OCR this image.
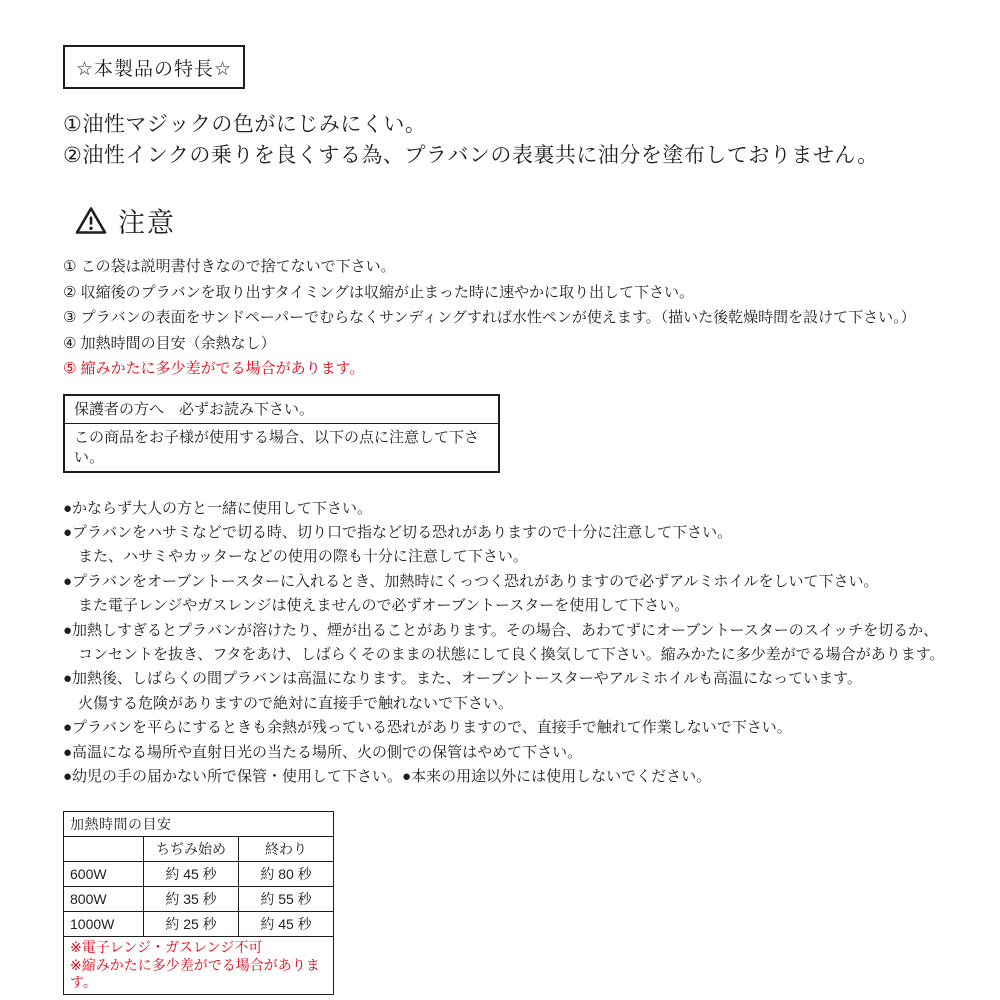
☆本製品の特長☆

①油性マジックの色がにじみにくい。

②油性インクの乗りを良くする為、プラバンの表裏共に油分を塗布しておりません。

注意

① この袋は説明書付きなので捨てないで下さい。

② 収縮後のプラバンを取り出すタイミングは収縮が止まった時に速やかに取り出して下さい。

③ プラバンの表面をサンドペーパーでむらなくサンディングすれば水性ペンが使えます。（描いた後乾燥時間を設けて下さい。）

④ 加熱時間の目安（余熱なし）

⑤ 縮みかたに多少差がでる場合があります。

保護者の方へ　必ずお読み下さい。
この商品をお子様が使用する場合、以下の点に注意して下さい。

●かならず大人の方と一緒に使用して下さい。

●プラバンをハサミなどで切る時、切り口で指など切る恐れがありますので十分に注意して下さい。

　また、ハサミやカッターなどの使用の際も十分に注意して下さい。

●プラバンをオーブントースターに入れるとき、加熱時にくっつく恐れがありますので必ずアルミホイルをしいて下さい。

　また電子レンジやガスレンジは使えませんので必ずオーブントースターを使用して下さい。

●加熱しすぎるとプラバンが溶けたり、煙が出ることがあります。その場合、あわてずにオーブントースターのスイッチを切るか、

　コンセントを抜き、フタをあけ、しばらくそのままの状態にして良く換気して下さい。縮みかたに多少差がでる場合があります。

●加熱後、しばらくの間プラバンは高温になります。また、オーブントースターやアルミホイルも高温になっています。

　火傷する危険がありますので絶対に直接手で触れないで下さい。

●プラバンを平らにするときも余熱が残っている恐れがありますので、直接手で触れて作業しないで下さい。

●高温になる場所や直射日光の当たる場所、火の側での保管はやめて下さい。

●幼児の手の届かない所で保管・使用して下さい。●本来の用途以外には使用しないでください。

加熱時間の目安		
	ちぢみ始め	終わり
600W	約 45 秒	約 80 秒
800W	約 35 秒	約 55 秒
1000W	約 25 秒	約 45 秒

※電子レンジ・ガスレンジ不可
※縮みかたに多少差がでる場合があります。		
